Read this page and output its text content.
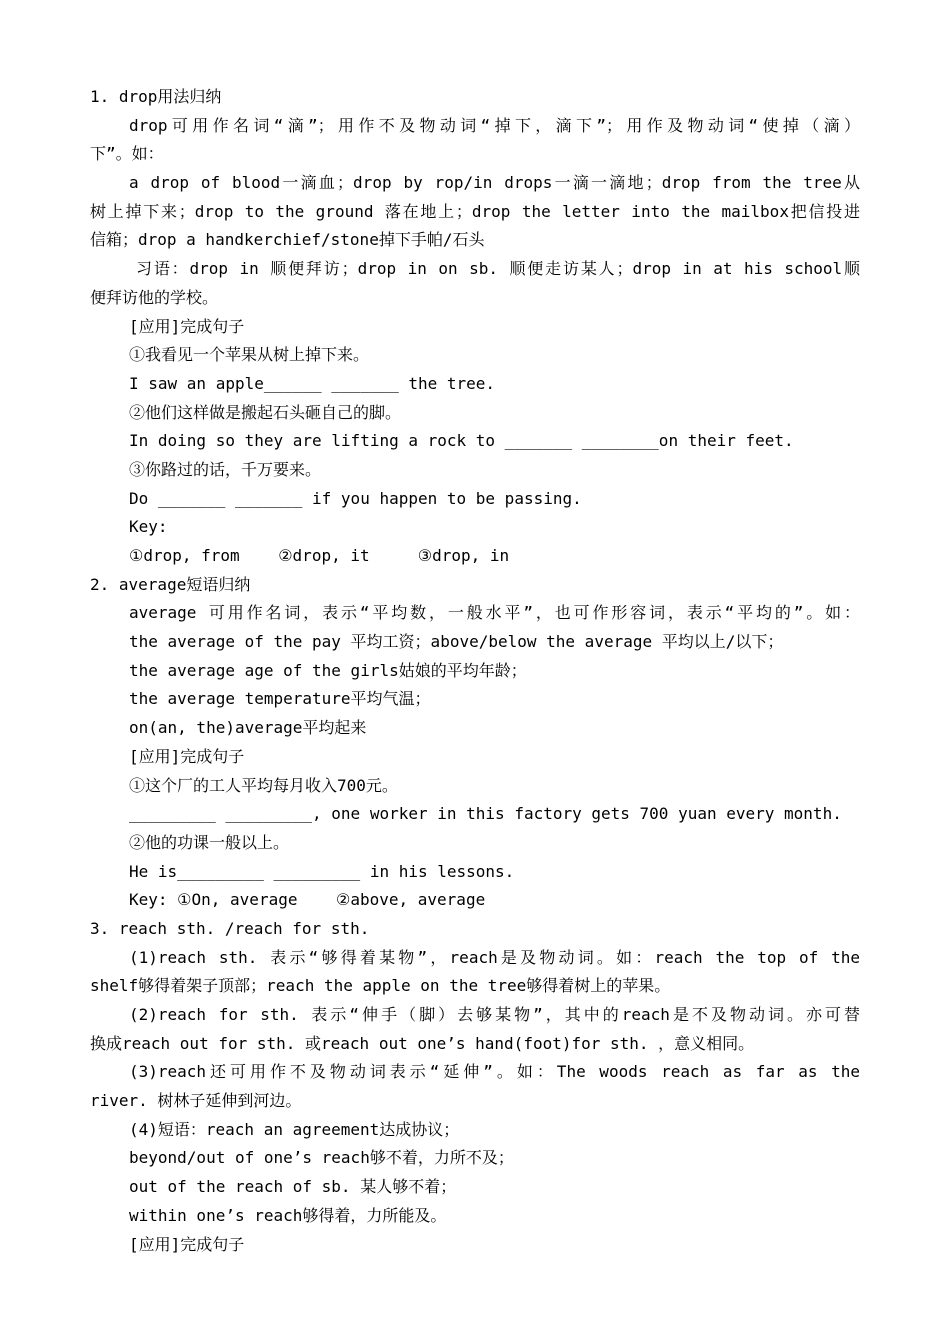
1. drop用法归纳
drop可用作名词“滴”；用作不及物动词“掉下，滴下”；用作及物动词“使掉（滴）
下”。如：
a drop of blood一滴血；drop by rop/in drops一滴一滴地；drop from the tree从
树上掉下来；drop to the ground 落在地上；drop the letter into the mailbox把信投进
信箱；drop a handkerchief/stone掉下手帕/石头
习语：drop in 顺便拜访；drop in on sb. 顺便走访某人；drop in at his school顺
便拜访他的学校。
[应用]完成句子
①我看见一个苹果从树上掉下来。
I saw an apple______ _______ the tree.
②他们这样做是搬起石头砸自己的脚。
In doing so they are lifting a rock to _______ ________on their feet.
③你路过的话，千万要来。
Do _______ _______ if you happen to be passing.
Key:
①drop, from    ②drop, it     ③drop, in
2. average短语归纳
average 可用作名词，表示“平均数，一般水平”，也可作形容词，表示“平均的”。如：
the average of the pay 平均工资；above/below the average 平均以上/以下；
the average age of the girls姑娘的平均年龄；
the average temperature平均气温；
on(an, the)average平均起来
[应用]完成句子
①这个厂的工人平均每月收入700元。
_________ _________, one worker in this factory gets 700 yuan every month.
②他的功课一般以上。
He is_________ _________ in his lessons.
Key: ①On, average    ②above, average
3. reach sth. /reach for sth.
(1)reach sth. 表示“够得着某物”，reach是及物动词。如：reach the top of the
shelf够得着架子顶部；reach the apple on the tree够得着树上的苹果。
(2)reach for sth. 表示“伸手（脚）去够某物”，其中的reach是不及物动词。亦可替
换成reach out for sth. 或reach out one’s hand(foot)for sth. ，意义相同。
(3)reach还可用作不及物动词表示“延伸”。如：The woods reach as far as the
river. 树林子延伸到河边。
(4)短语：reach an agreement达成协议；
beyond/out of one’s reach够不着，力所不及；
out of the reach of sb. 某人够不着；
within one’s reach够得着，力所能及。
[应用]完成句子
